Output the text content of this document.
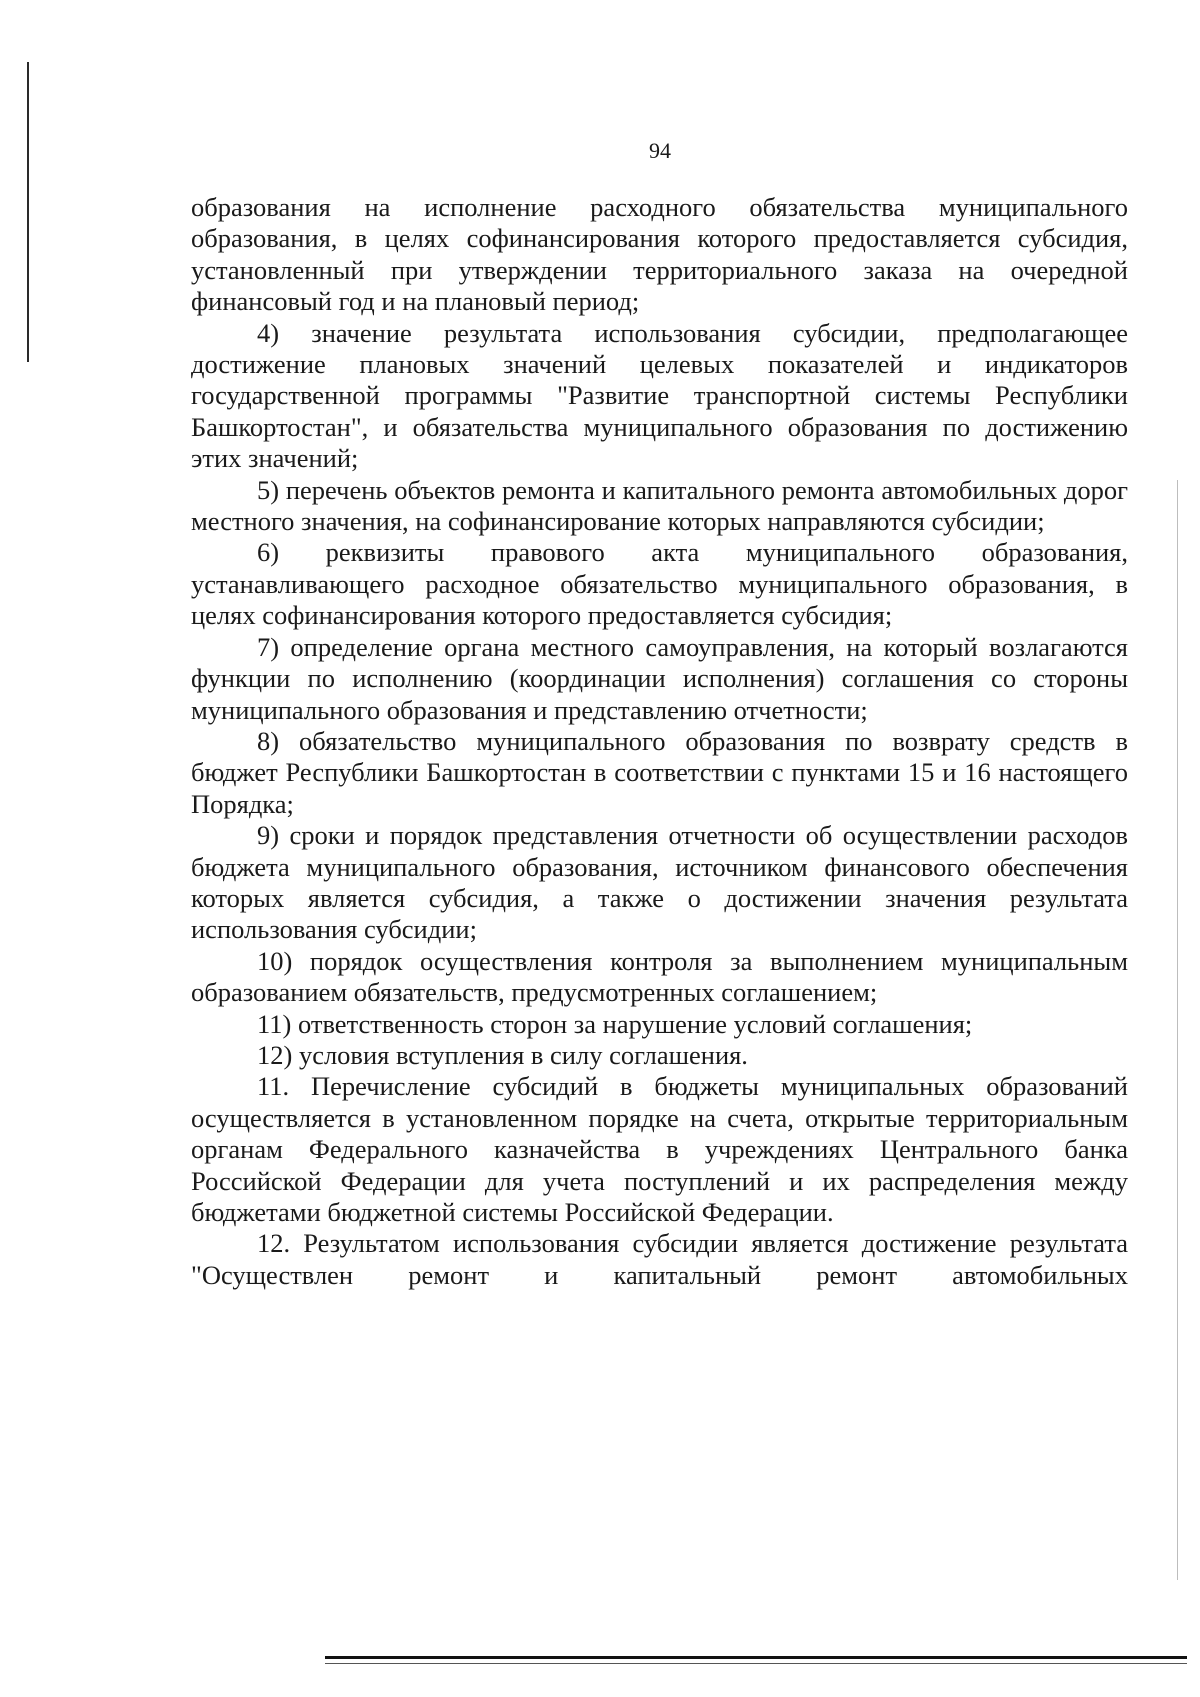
94

образования на исполнение расходного обязательства муниципального образования, в целях софинансирования которого предоставляется субсидия, установленный при утверждении территориального заказа на очередной финансовый год и на плановый период;

4) значение результата использования субсидии, предполагающее достижение плановых значений целевых показателей и индикаторов государственной программы "Развитие транспортной системы Республики Башкортостан", и обязательства муниципального образования по достижению этих значений;

5) перечень объектов ремонта и капитального ремонта автомобильных дорог местного значения, на софинансирование которых направляются субсидии;

6) реквизиты правового акта муниципального образования, устанавливающего расходное обязательство муниципального образования, в целях софинансирования которого предоставляется субсидия;

7) определение органа местного самоуправления, на который возлагаются функции по исполнению (координации исполнения) соглашения со стороны муниципального образования и представлению отчетности;

8) обязательство муниципального образования по возврату средств в бюджет Республики Башкортостан в соответствии с пунктами 15 и 16 настоящего Порядка;

9) сроки и порядок представления отчетности об осуществлении расходов бюджета муниципального образования, источником финансового обеспечения которых является субсидия, а также о достижении значения результата использования субсидии;

10) порядок осуществления контроля за выполнением муниципальным образованием обязательств, предусмотренных соглашением;

11) ответственность сторон за нарушение условий соглашения;

12) условия вступления в силу соглашения.

11. Перечисление субсидий в бюджеты муниципальных образований осуществляется в установленном порядке на счета, открытые территориальным органам Федерального казначейства в учреждениях Центрального банка Российской Федерации для учета поступлений и их распределения между бюджетами бюджетной системы Российской Федерации.

12. Результатом использования субсидии является достижение результата "Осуществлен ремонт и капитальный ремонт автомобильных
